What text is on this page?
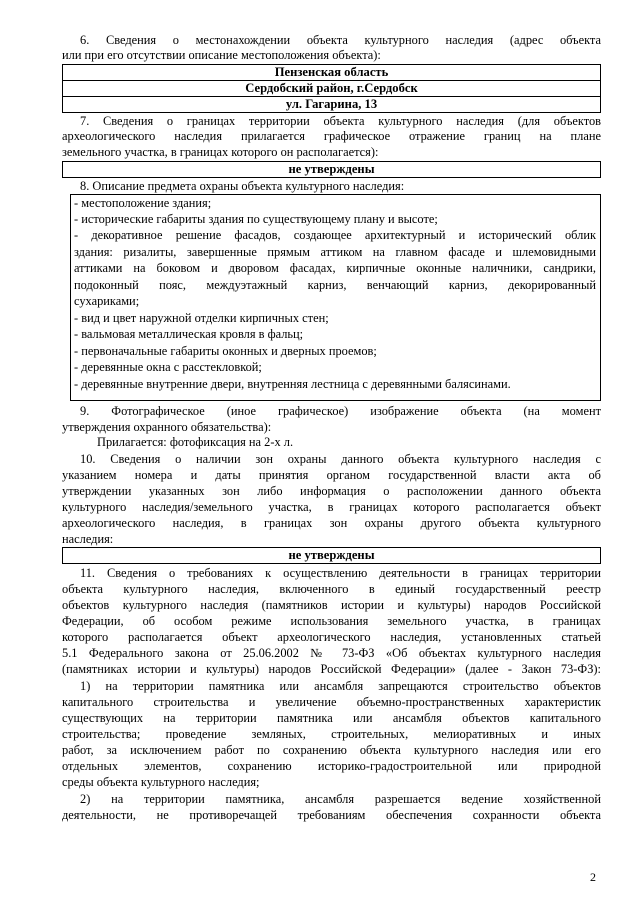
6. Сведения о местонахождении объекта культурного наследия (адрес объекта
или при его отсутствии описание местоположения объекта):
Пензенская область
Сердобский район, г.Сердобск
ул. Гагарина, 13
7. Сведения о границах территории объекта культурного наследия (для объектов
археологического наследия прилагается графическое отражение границ на плане
земельного участка, в границах которого он располагается):
не утверждены
8. Описание предмета охраны объекта культурного наследия:
- местоположение здания;
- исторические габариты здания по существующему плану и высоте;
- декоративное решение фасадов, создающее архитектурный и исторический облик
здания: ризалиты, завершенные прямым аттиком на главном фасаде и шлемовидными
аттиками на боковом и дворовом фасадах, кирпичные оконные наличники, сандрики,
подоконный пояс, междуэтажный карниз, венчающий карниз, декорированный
сухариками;
- вид и цвет наружной отделки кирпичных стен;
- вальмовая металлическая кровля в фальц;
- первоначальные габариты оконных и дверных проемов;
- деревянные окна с расстекловкой;
- деревянные внутренние двери, внутренняя лестница с деревянными балясинами.
9. Фотографическое (иное графическое) изображение объекта (на момент
утверждения охранного обязательства):
Прилагается: фотофиксация на 2-х л.
10. Сведения о наличии зон охраны данного объекта культурного наследия с
указанием номера и даты принятия органом государственной власти акта об
утверждении указанных зон либо информация о расположении данного объекта
культурного наследия/земельного участка, в границах которого располагается объект
археологического наследия, в границах зон охраны другого объекта культурного
наследия:
не утверждены
11. Сведения о требованиях к осуществлению деятельности в границах территории
объекта культурного наследия, включенного в единый государственный реестр
объектов культурного наследия (памятников истории и культуры) народов Российской
Федерации, об особом режиме использования земельного участка, в границах
которого располагается объект археологического наследия, установленных статьей
5.1 Федерального закона от 25.06.2002 № 73-ФЗ «Об объектах культурного наследия
(памятниках истории и культуры) народов Российской Федерации» (далее - Закон 73-ФЗ):
1) на территории памятника или ансамбля запрещаются строительство объектов
капитального строительства и увеличение объемно-пространственных характеристик
существующих на территории памятника или ансамбля объектов капитального
строительства; проведение земляных, строительных, мелиоративных и иных
работ, за исключением работ по сохранению объекта культурного наследия или его
отдельных элементов, сохранению историко-градостроительной или природной
среды объекта культурного наследия;
2) на территории памятника, ансамбля разрешается ведение хозяйственной
деятельности, не противоречащей требованиям обеспечения сохранности объекта
2
